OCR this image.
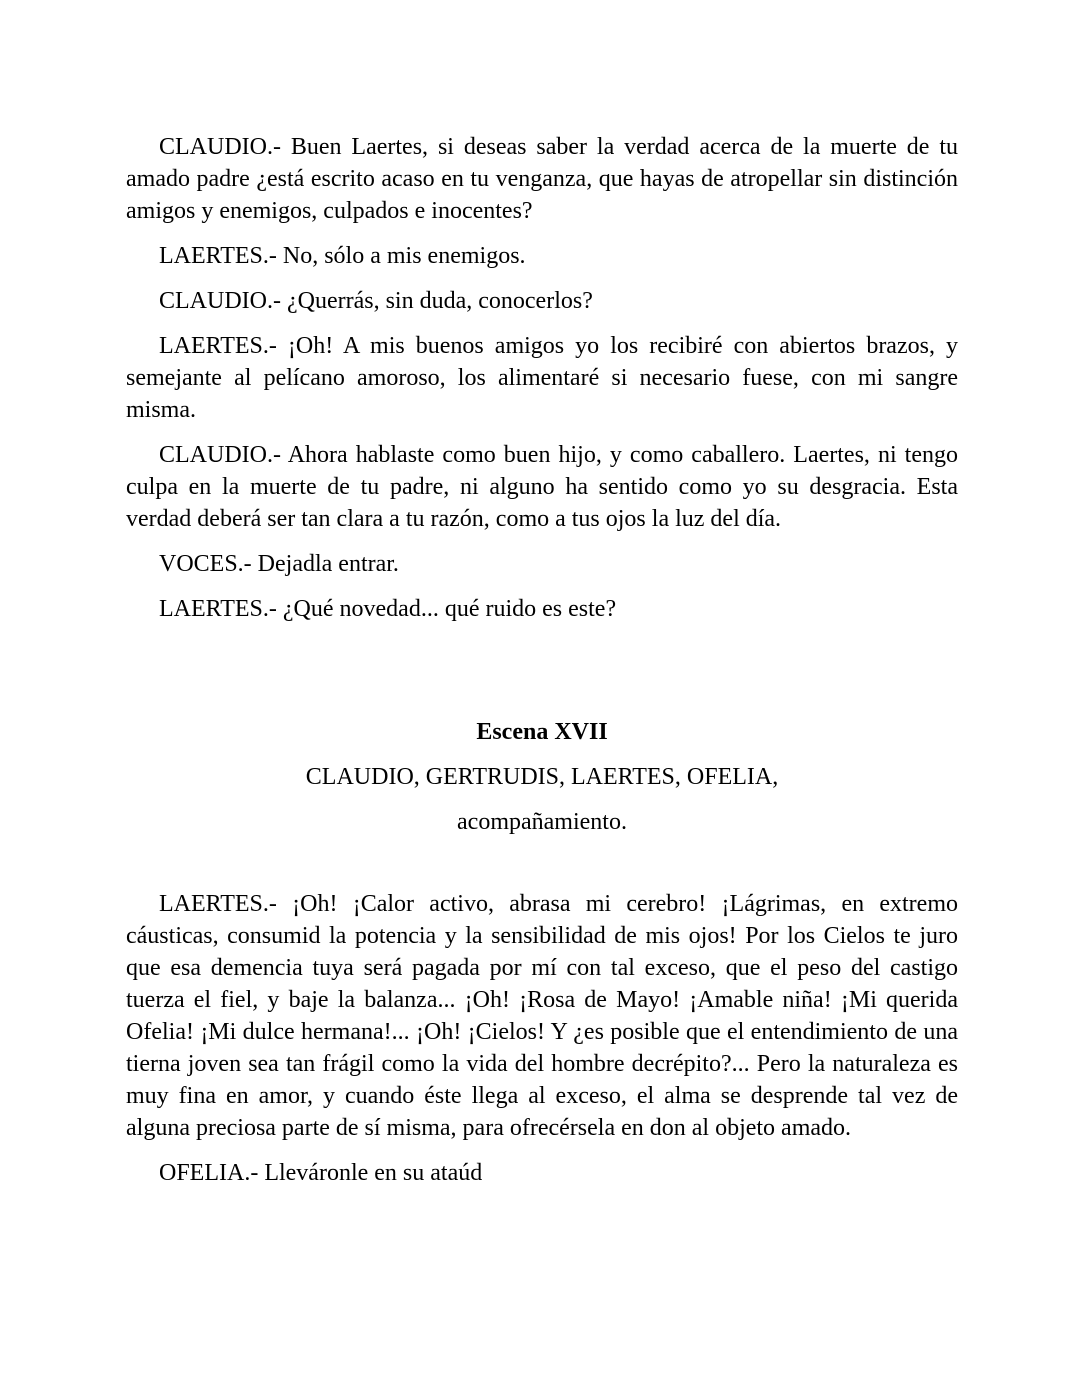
CLAUDIO.- Buen Laertes, si deseas saber la verdad acerca de la muerte de tu amado padre ¿está escrito acaso en tu venganza, que hayas de atropellar sin distinción amigos y enemigos, culpados e inocentes?

LAERTES.- No, sólo a mis enemigos.

CLAUDIO.- ¿Querrás, sin duda, conocerlos?

LAERTES.- ¡Oh! A mis buenos amigos yo los recibiré con abiertos brazos, y semejante al pelícano amoroso, los alimentaré si necesario fuese, con mi sangre misma.

CLAUDIO.- Ahora hablaste como buen hijo, y como caballero. Laertes, ni tengo culpa en la muerte de tu padre, ni alguno ha sentido como yo su desgracia. Esta verdad deberá ser tan clara a tu razón, como a tus ojos la luz del día.

VOCES.- Dejadla entrar.

LAERTES.- ¿Qué novedad... qué ruido es este?

Escena XVII

CLAUDIO, GERTRUDIS, LAERTES, OFELIA,

acompañamiento.

LAERTES.- ¡Oh! ¡Calor activo, abrasa mi cerebro! ¡Lágrimas, en extremo cáusticas, consumid la potencia y la sensibilidad de mis ojos! Por los Cielos te juro que esa demencia tuya será pagada por mí con tal exceso, que el peso del castigo tuerza el fiel, y baje la balanza... ¡Oh! ¡Rosa de Mayo! ¡Amable niña! ¡Mi querida Ofelia! ¡Mi dulce hermana!... ¡Oh! ¡Cielos! Y ¿es posible que el entendimiento de una tierna joven sea tan frágil como la vida del hombre decrépito?... Pero la naturaleza es muy fina en amor, y cuando éste llega al exceso, el alma se desprende tal vez de alguna preciosa parte de sí misma, para ofrecérsela en don al objeto amado.

OFELIA.- Lleváronle en su ataúd
